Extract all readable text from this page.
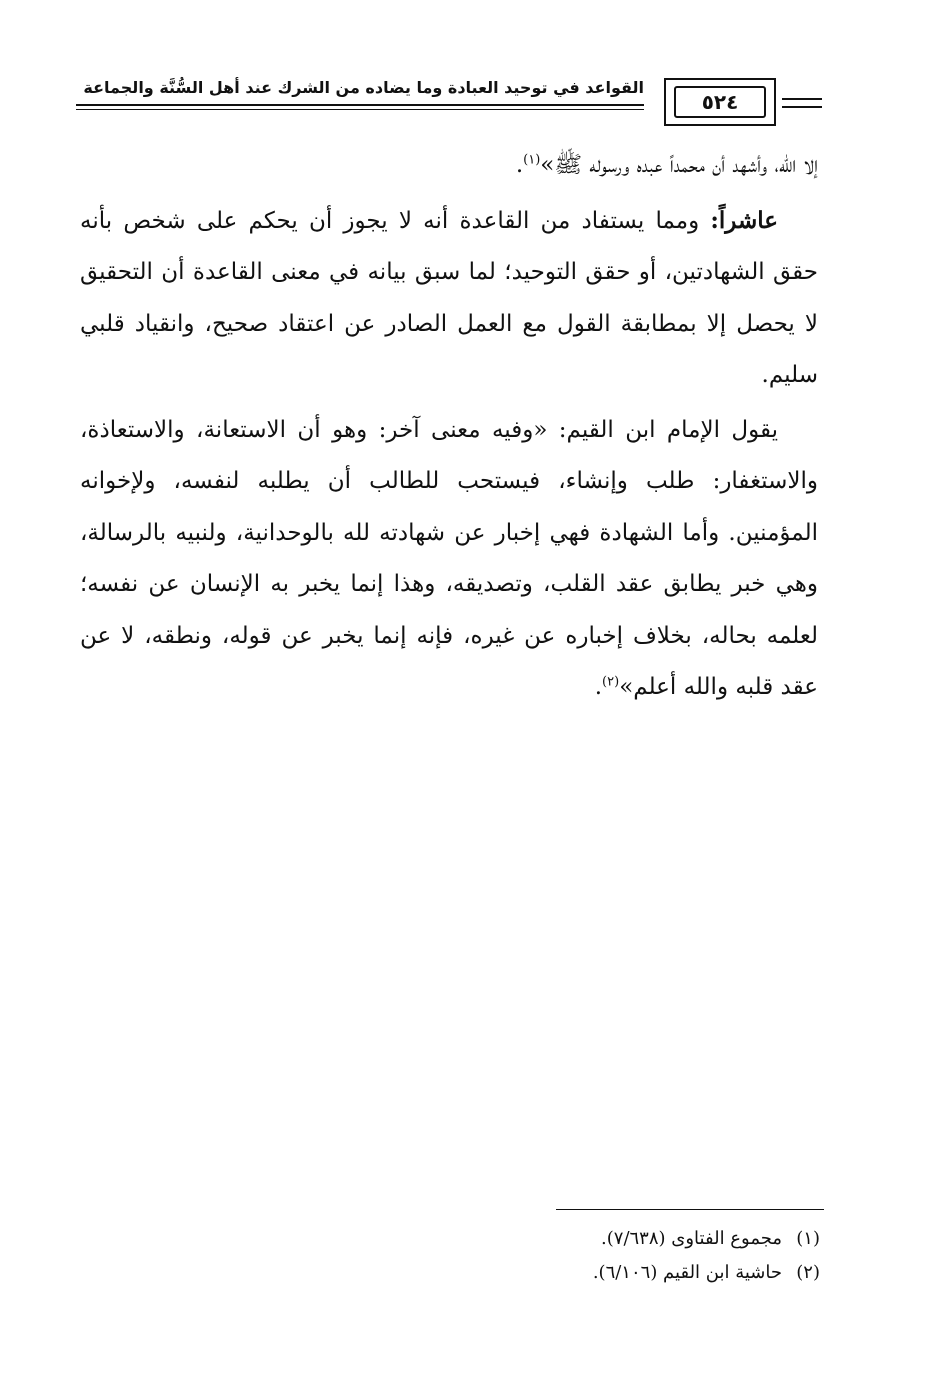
القواعد في توحيد العبادة وما يضاده من الشرك عند أهل السُّنَّة والجماعة
٥٢٤

إلا الله، وأشهد أن محمداً عبده ورسوله ﷺ»$^{(١)}$.

عاشراً: ومما يستفاد من القاعدة أنه لا يجوز أن يحكم على شخص بأنه حقق الشهادتين، أو حقق التوحيد؛ لما سبق بيانه في معنى القاعدة أن التحقيق لا يحصل إلا بمطابقة القول مع العمل الصادر عن اعتقاد صحيح، وانقياد قلبي سليم.

يقول الإمام ابن القيم: «وفيه معنى آخر: وهو أن الاستعانة، والاستعاذة، والاستغفار: طلب وإنشاء، فيستحب للطالب أن يطلبه لنفسه، ولإخوانه المؤمنين. وأما الشهادة فهي إخبار عن شهادته لله بالوحدانية، ولنبيه بالرسالة، وهي خبر يطابق عقد القلب، وتصديقه، وهذا إنما يخبر به الإنسان عن نفسه؛ لعلمه بحاله، بخلاف إخباره عن غيره، فإنه إنما يخبر عن قوله، ونطقه، لا عن عقد قلبه والله أعلم»$^{(٢)}$.

(١)مجموع الفتاوى (٧/٦٣٨).
(٢)حاشية ابن القيم (٦/١٠٦).
